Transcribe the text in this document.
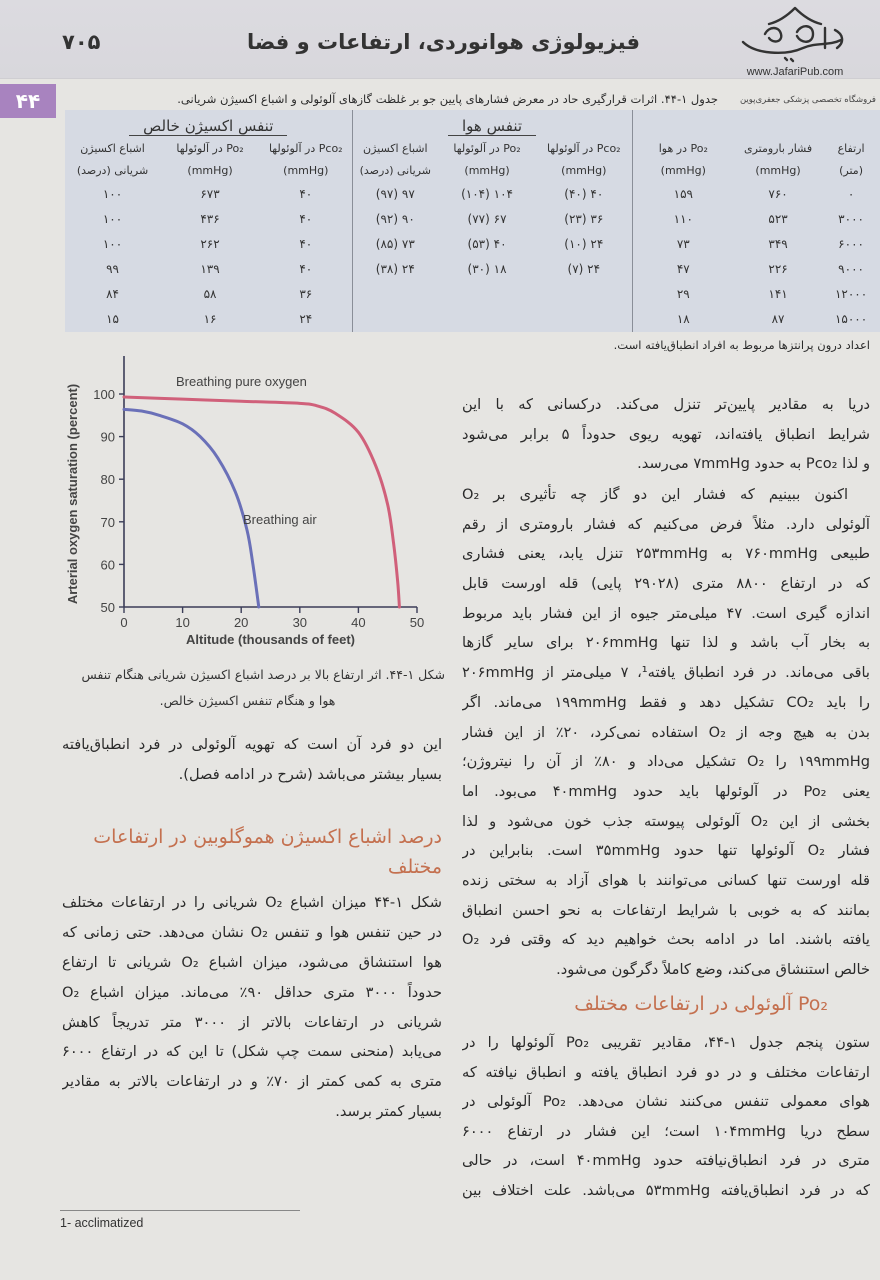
فیزیولوژی هوانوردی، ارتفاعات و فضا
۷۰۵
www.JafariPub.com
۴۴	جدول ۱-۴۴. اثرات قرارگیری حاد در معرض فشارهای پایین جو بر غلظت گازهای آلوئولی و اشباع اکسیژن شریانی.	فروشگاه تخصصی پزشکی جعفری‌پوین
			تنفس هوا			تنفس اکسیژن خالص		
ارتفاع	فشار بارومتری	Po₂ در هوا	Pco₂ در آلوئولها	Po₂ در آلوئولها	اشباع اکسیژن	Pco₂ در آلوئولها	Po₂ در آلوئولها	اشباع اکسیژن
(متر)	(mmHg)	(mmHg)	(mmHg)	(mmHg)	شریانی (درصد)	(mmHg)	(mmHg)	شریانی (درصد)
۰	۷۶۰	۱۵۹	۴۰ (۴۰)	۱۰۴ (۱۰۴)	۹۷ (۹۷)	۴۰	۶۷۳	۱۰۰
۳۰۰۰	۵۲۳	۱۱۰	۳۶ (۲۳)	۶۷ (۷۷)	۹۰ (۹۲)	۴۰	۴۳۶	۱۰۰
۶۰۰۰	۳۴۹	۷۳	۲۴ (۱۰)	۴۰ (۵۳)	۷۳ (۸۵)	۴۰	۲۶۲	۱۰۰
۹۰۰۰	۲۲۶	۴۷	۲۴ (۷)	۱۸ (۳۰)	۲۴ (۳۸)	۴۰	۱۳۹	۹۹
۱۲۰۰۰	۱۴۱	۲۹				۳۶	۵۸	۸۴
۱۵۰۰۰	۸۷	۱۸				۲۴	۱۶	۱۵
اعداد درون پرانتزها مربوط به افراد انطباق‌یافته است.
0	10	20	30	40	50
50
60
70
80
90
100
Altitude (thousands of feet)
Arterial oxygen saturation (percent)
Breathing pure oxygen
Breathing air
شکل ۱-۴۴. اثر ارتفاع بالا بر درصد اشباع اکسیژن شریانی هنگام تنفس
هوا و هنگام تنفس اکسیژن خالص.
این دو فرد آن است که تهویه آلوئولی در فرد انطباق‌یافته
بسیار بیشتر می‌باشد (شرح در ادامه فصل).
درصد اشباع اکسیژن هموگلوبین در ارتفاعات
مختلف
شکل ۱-۴۴ میزان اشباع O₂ شریانی را در ارتفاعات مختلف
در حین تنفس هوا و تنفس O₂ نشان می‌دهد. حتی زمانی که
هوا استنشاق می‌شود، میزان اشباع O₂ شریانی تا ارتفاع
حدوداً ۳۰۰۰ متری حداقل ۹۰٪ می‌ماند. میزان اشباع O₂
شریانی در ارتفاعات بالاتر از ۳۰۰۰ متر تدریجاً کاهش
می‌یابد (منحنی سمت چپ شکل) تا این که در ارتفاع ۶۰۰۰
متری به کمی کمتر از ۷۰٪ و در ارتفاعات بالاتر به مقادیر
بسیار کمتر برسد.
دریا به مقادیر پایین‌تر تنزل می‌کند. درکسانی که با این
شرایط انطباق یافته‌اند، تهویه ریوی حدوداً ۵ برابر می‌شود
و لذا Pco₂ به حدود ۷mmHg می‌رسد.
اکنون ببینیم که فشار این دو گاز چه تأثیری بر O₂
آلوئولی دارد. مثلاً فرض می‌کنیم که فشار بارومتری از رقم
طبیعی ۷۶۰mmHg به ۲۵۳mmHg تنزل یابد، یعنی فشاری
که در ارتفاع ۸۸۰۰ متری (۲۹۰۲۸ پایی) قله اورست قابل
اندازه گیری است. ۴۷ میلی‌متر جیوه از این فشار باید مربوط
به بخار آب باشد و لذا تنها ۲۰۶mmHg برای سایر گازها
باقی می‌ماند. در فرد انطباق یافته¹، ۷ میلی‌متر از ۲۰۶mmHg
را باید CO₂ تشکیل دهد و فقط ۱۹۹mmHg می‌ماند. اگر
بدن به هیچ وجه از O₂ استفاده نمی‌کرد، ۲۰٪ از این فشار
۱۹۹mmHg را O₂ تشکیل می‌داد و ۸۰٪ از آن را نیتروژن؛
یعنی Po₂ در آلوئولها باید حدود ۴۰mmHg می‌بود. اما
بخشی از این O₂ آلوئولی پیوسته جذب خون می‌شود و لذا
فشار O₂ آلوئولها تنها حدود ۳۵mmHg است. بنابراین در
قله اورست تنها کسانی می‌توانند با هوای آزاد به سختی زنده
بمانند که به خوبی با شرایط ارتفاعات به نحو احسن انطباق
یافته باشند. اما در ادامه بحث خواهیم دید که وقتی فرد O₂
خالص استنشاق می‌کند، وضع کاملاً دگرگون می‌شود.
Po₂ آلوئولی در ارتفاعات مختلف
ستون پنجم جدول ۱-۴۴، مقادیر تقریبی Po₂ آلوئولها را در
ارتفاعات مختلف و در دو فرد انطباق یافته و انطباق نیافته که
هوای معمولی تنفس می‌کنند نشان می‌دهد. Po₂ آلوئولی در
سطح دریا ۱۰۴mmHg است؛ این فشار در ارتفاع ۶۰۰۰
متری در فرد انطباق‌نیافته حدود ۴۰mmHg است، در حالی
که در فرد انطباق‌یافته ۵۳mmHg می‌باشد. علت اختلاف بین
1- acclimatized
